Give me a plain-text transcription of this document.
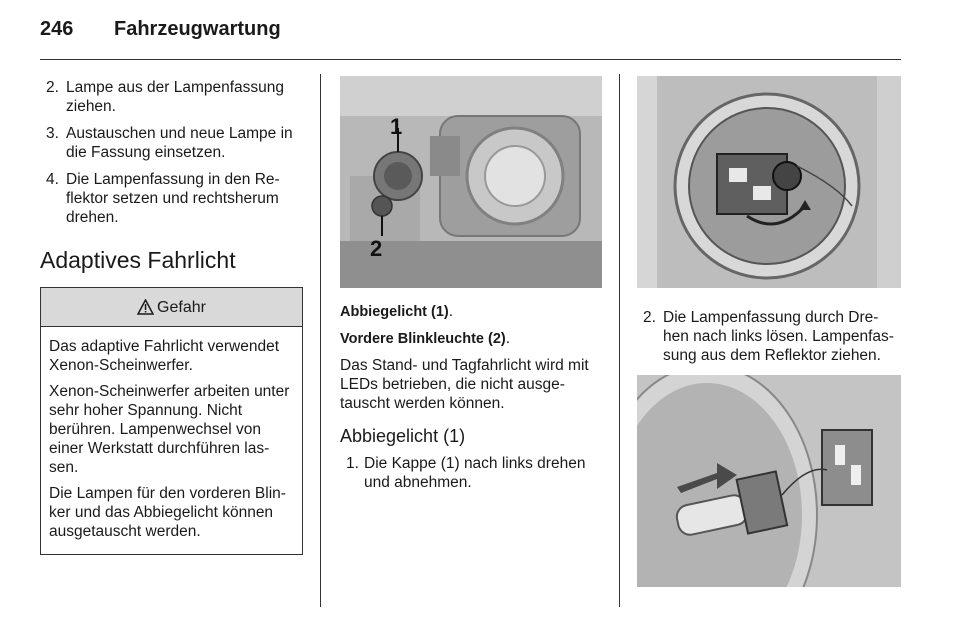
246 Fahrzeugwartung
2. Lampe aus der Lampenfassung ziehen.
3. Austauschen und neue Lampe in die Fassung einsetzen.
4. Die Lampenfassung in den Re-flektor setzen und rechtsherum drehen.
Adaptives Fahrlicht
Gefahr

Das adaptive Fahrlicht verwendet Xenon-Scheinwerfer.

Xenon-Scheinwerfer arbeiten unter sehr hoher Spannung. Nicht berühren. Lampenwechsel von einer Werkstatt durchführen las-sen.

Die Lampen für den vorderen Blin-ker und das Abbiegelicht können ausgetauscht werden.

1
2

Abbiegelicht (1).

Vordere Blinkleuchte (2).

Das Stand- und Tagfahrlicht wird mit LEDs betrieben, die nicht ausge-tauscht werden können.

Abbiegelicht (1)
1. Die Kappe (1) nach links drehen und abnehmen.
2. Die Lampenfassung durch Dre-hen nach links lösen. Lampenfas-sung aus dem Reflektor ziehen.
